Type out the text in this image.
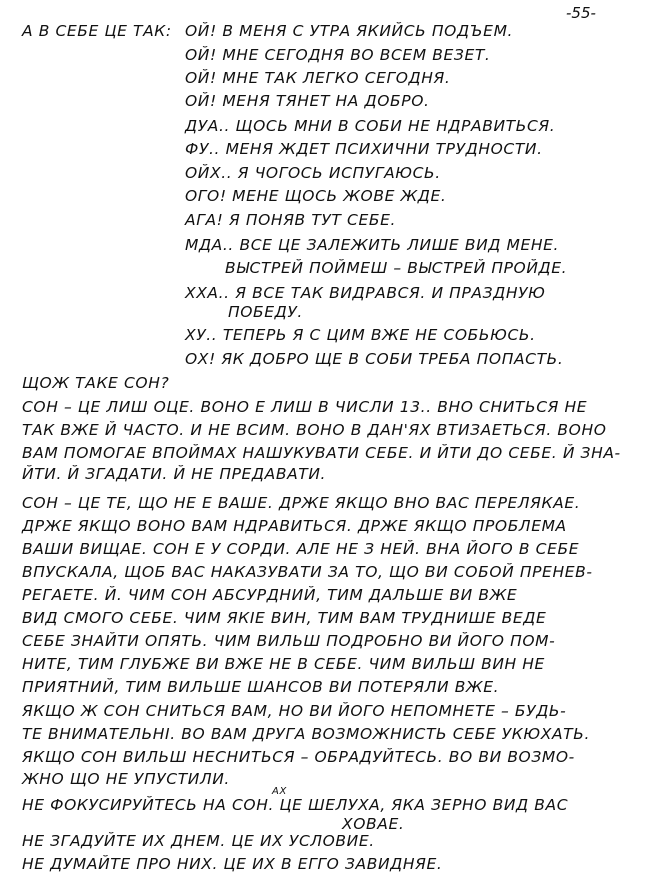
-55-
А В СЕБЕ ЦЕ ТАК: ОЙ! В МЕНЯ С УТРА ЯКИЙСЬ ПОДЪЕМ.
ОЙ! МНЕ СЕГОДНЯ ВО ВСЕМ ВЕЗЕТ.
ОЙ! МНЕ ТАК ЛЕГКО СЕГОДНЯ.
ОЙ! МЕНЯ ТЯНЕТ НА ДОБРО.
ДУА.. ЩОСЬ МНИ В СОБИ НЕ НДРАВИТЬСЯ.
ФУ.. МЕНЯ ЖДЕТ ПСИХИЧНИ ТРУДНОСТИ.
ОЙХ.. Я ЧОГОСЬ ИСПУГАЮСЬ.
ОГО! МЕНЕ ЩОСЬ ЖОВЕ ЖДЕ.
АГА! Я ПОНЯВ ТУТ СЕБЕ.
МДА.. ВСЕ ЦЕ ЗАЛЕЖИТЬ ЛИШЕ ВИД МЕНЕ.
ВЫСТРЕЙ ПОЙМЕШ – ВЫСТРЕЙ ПРОЙДЕ.
ХХА.. Я ВСЕ ТАК ВИДРАВСЯ. И ПРАЗДНУЮ
ПОБЕДУ.
ХУ.. ТЕПЕРЬ Я С ЦИМ ВЖЕ НЕ СОБЬЮСЬ.
ОХ! ЯК ДОБРО ЩЕ В СОБИ ТРЕБА ПОПАСТЬ.
ЩОЖ ТАКЕ СОН?
СОН – ЦЕ ЛИШ ОЦЕ. ВОНО Е ЛИШ В ЧИСЛИ 13.. ВНО СНИТЬСЯ НЕ
ТАК ВЖЕ Й ЧАСТО. И НЕ ВСИМ. ВОНО В ДАН'ЯХ ВТИЗАЕТЬСЯ. ВОНО
ВАМ ПОМОГАЕ ВПОЙМАХ НАШУКУВАТИ СЕБЕ. И ЙТИ ДО СЕБЕ. Й ЗНА-
ЙТИ. Й ЗГАДАТИ. Й НЕ ПРЕДАВАТИ.
СОН – ЦЕ ТЕ, ЩО НЕ Е ВАШЕ. ДРЖЕ ЯКЩО ВНО ВАС ПЕРЕЛЯКАЕ.
ДРЖЕ ЯКЩО ВОНО ВАМ НДРАВИТЬСЯ. ДРЖЕ ЯКЩО ПРОБЛЕМА
ВАШИ ВИЩАЕ. СОН Е У СОРДИ. АЛЕ НЕ З НЕЙ. ВНА ЙОГО В СЕБЕ
ВПУСКАЛА, ЩОБ ВАС НАКАЗУВАТИ ЗА ТО, ЩО ВИ СОБОЙ ПРЕНЕВ-
РЕГАЕТЕ. Й. ЧИМ СОН АБСУРДНИЙ, ТИМ ДАЛЬШЕ ВИ ВЖЕ
ВИД СМОГО СЕБЕ. ЧИМ ЯКІЕ ВИН, ТИМ ВАМ ТРУДНИШЕ ВЕДЕ
СЕБЕ ЗНАЙТИ ОПЯТЬ. ЧИМ ВИЛЬШ ПОДРОБНО ВИ ЙОГО ПОМ-
НИТЕ, ТИМ ГЛУБЖЕ ВИ ВЖЕ НЕ В СЕБЕ. ЧИМ ВИЛЬШ ВИН НЕ
ПРИЯТНИЙ, ТИМ ВИЛЬШЕ ШАНСОВ ВИ ПОТЕРЯЛИ ВЖЕ.
ЯКЩО Ж СОН СНИТЬСЯ ВАМ, НО ВИ ЙОГО НЕПОМНЕТЕ – БУДЬ-
ТЕ ВНИМАТЕЛЬНІ. ВО ВАМ ДРУГА ВОЗМОЖНИСТЬ СЕБЕ УКЮХАТЬ.
ЯКЩО СОН ВИЛЬШ НЕСНИТЬСЯ – ОБРАДУЙТЕСЬ. ВО ВИ ВОЗМО-
ЖНО ЩО НЕ УПУСТИЛИ.
НЕ ФОКУСИРУЙТЕСЬ НА СОН. ЦЕ ШЕЛУХА, ЯКА ЗЕРНО ВИД ВАС
АХ
ХОВАЕ.
НЕ ЗГАДУЙТЕ ИХ ДНЕМ. ЦЕ ИХ УСЛОВИЕ.
НЕ ДУМАЙТЕ ПРО НИХ. ЦЕ ИХ В ЕГГО ЗАВИДНЯЕ.
